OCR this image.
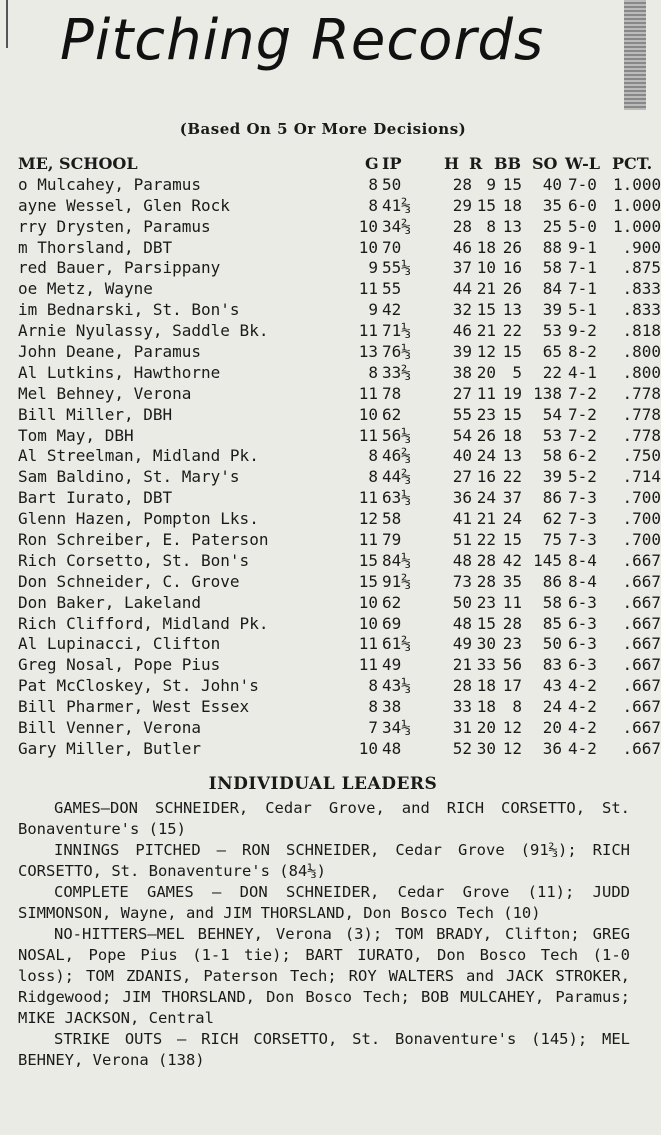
Pitching Records
(Based On 5 Or More Decisions)
ME, SCHOOL	G IP	H R BB SO W-L PCT.
o Mulcahey, Paramus	8 50	28 9 15	40 7-0 1.000
ayne Wessel, Glen Rock	8 41⅔	29 15 18	35 6-0 1.000
rry Drysten, Paramus	10 34⅔	28 8 13	25 5-0 1.000
m Thorsland, DBT	10 70	46 18 26	88 9-1	.900
red Bauer, Parsippany	9 55⅓	37 10 16	58 7-1	.875
oe Metz, Wayne	11 55	44 21 26	84 7-1	.833
im Bednarski, St. Bon's	9 42	32 15 13	39 5-1	.833
Arnie Nyulassy, Saddle Bk.	11 71⅓	46 21 22	53 9-2	.818
John Deane, Paramus	13 76⅓	39 12 15	65 8-2	.800
Al Lutkins, Hawthorne	8 33⅔	38 20	5	22 4-1	.800
Mel Behney, Verona	11 78	27 11 19 138 7-2	.778
Bill Miller, DBH	10 62	55 23 15	54 7-2	.778
Tom May, DBH	11 56⅓	54 26 18	53 7-2	.778
Al Streelman, Midland Pk.	8 46⅔	40 24 13	58 6-2	.750
Sam Baldino, St. Mary's	8 44⅔	27 16 22	39 5-2	.714
Bart Iurato, DBT	11 63⅓	36 24 37	86 7-3	.700
Glenn Hazen, Pompton Lks.	12 58	41 21 24	62 7-3	.700
Ron Schreiber, E. Paterson	11 79	51 22 15	75 7-3	.700
Rich Corsetto, St. Bon's	15 84⅓	48 28 42 145 8-4	.667
Don Schneider, C. Grove	15 91⅔	73 28 35	86 8-4	.667
Don Baker, Lakeland	10 62	50 23 11	58 6-3	.667
Rich Clifford, Midland Pk.	10 69	48 15 28	85 6-3	.667
Al Lupinacci, Clifton	11 61⅔	49 30 23	50 6-3	.667
Greg Nosal, Pope Pius	11 49	21 33 56	83 6-3	.667
Pat McCloskey, St. John's	8 43⅓	28 18 17	43 4-2	.667
Bill Pharmer, West Essex	8 38	33 18	8	24 4-2	.667
Bill Venner, Verona	7 34⅓	31 20 12	20 4-2	.667
Gary Miller, Butler	10 48	52 30 12	36 4-2	.667
INDIVIDUAL LEADERS

GAMES—DON SCHNEIDER, Cedar Grove, and RICH CORSETTO, St. Bonaventure's (15)

INNINGS PITCHED — RON SCHNEIDER, Cedar Grove (91⅔); RICH CORSETTO, St. Bonaventure's (84⅓)

COMPLETE GAMES — DON SCHNEIDER, Cedar Grove (11); JUDD SIMMONSON, Wayne, and JIM THORSLAND, Don Bosco Tech (10)

NO-HITTERS—MEL BEHNEY, Verona (3); TOM BRADY, Clifton; GREG NOSAL, Pope Pius (1-1 tie); BART IURATO, Don Bosco Tech (1-0 loss); TOM ZDANIS, Paterson Tech; ROY WALTERS and JACK STROKER, Ridgewood; JIM THORSLAND, Don Bosco Tech; BOB MULCAHEY, Paramus; MIKE JACKSON, Central

STRIKE OUTS — RICH CORSETTO, St. Bonaventure's (145); MEL BEHNEY, Verona (138)
